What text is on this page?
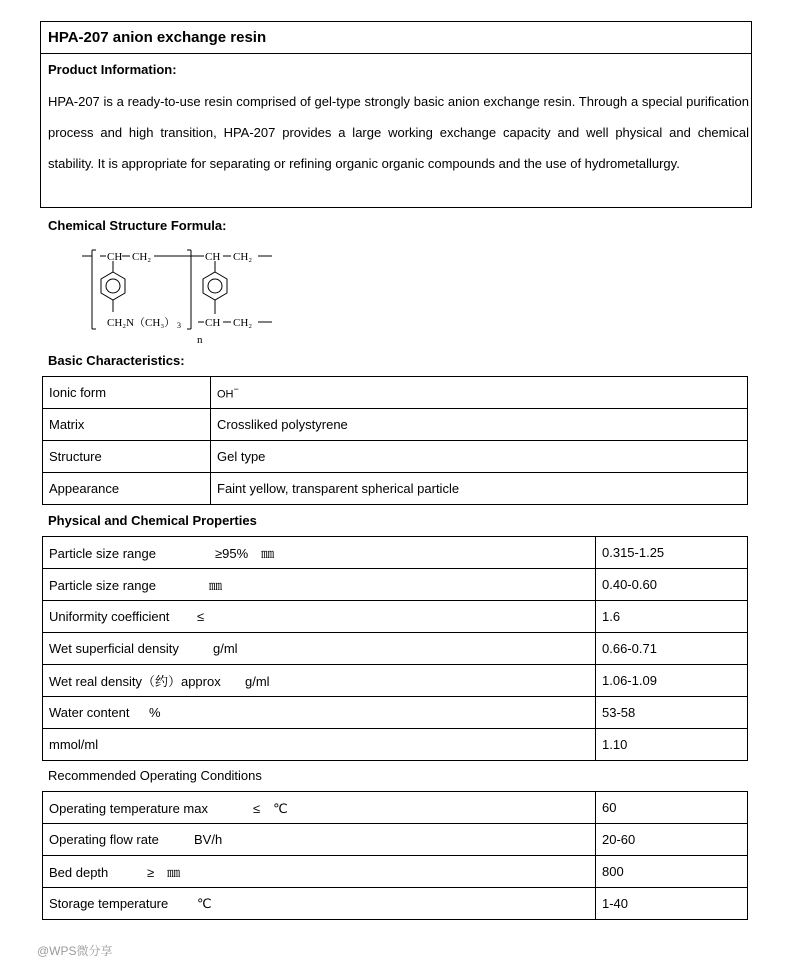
HPA-207 anion exchange resin
Product Information:
HPA-207 is a ready-to-use resin comprised of gel-type strongly basic anion exchange resin. Through a special purification process and high transition, HPA-207 provides a large working exchange capacity and well physical and chemical stability. It is appropriate for separating or refining organic organic compounds and the use of hydrometallurgy.
Chemical Structure Formula:
CH CH₂	CH CH₂
CH₂N（CH₃） 3 CH CH₂
n
Basic Characteristics:
Ionic form	OH−
Matrix	Crossliked polystyrene
Structure	Gel type
Appearance	Faint yellow, transparent spherical particle
Physical and Chemical Properties
Particle size range ≥95%　㎜	0.315-1.25
Particle size range ㎜	0.40-0.60
Uniformity coefficient ≤	1.6
Wet superficial density g/ml	0.66-0.71
Wet real density（约）approx g/ml	1.06-1.09
Water content %	53-58
mmol/ml	1.10
Recommended Operating Conditions
Operating temperature max ≤　℃	60
Operating flow rate BV/h	20-60
Bed depth ≥　㎜	800
Storage temperature ℃	1-40
@WPS微分享
